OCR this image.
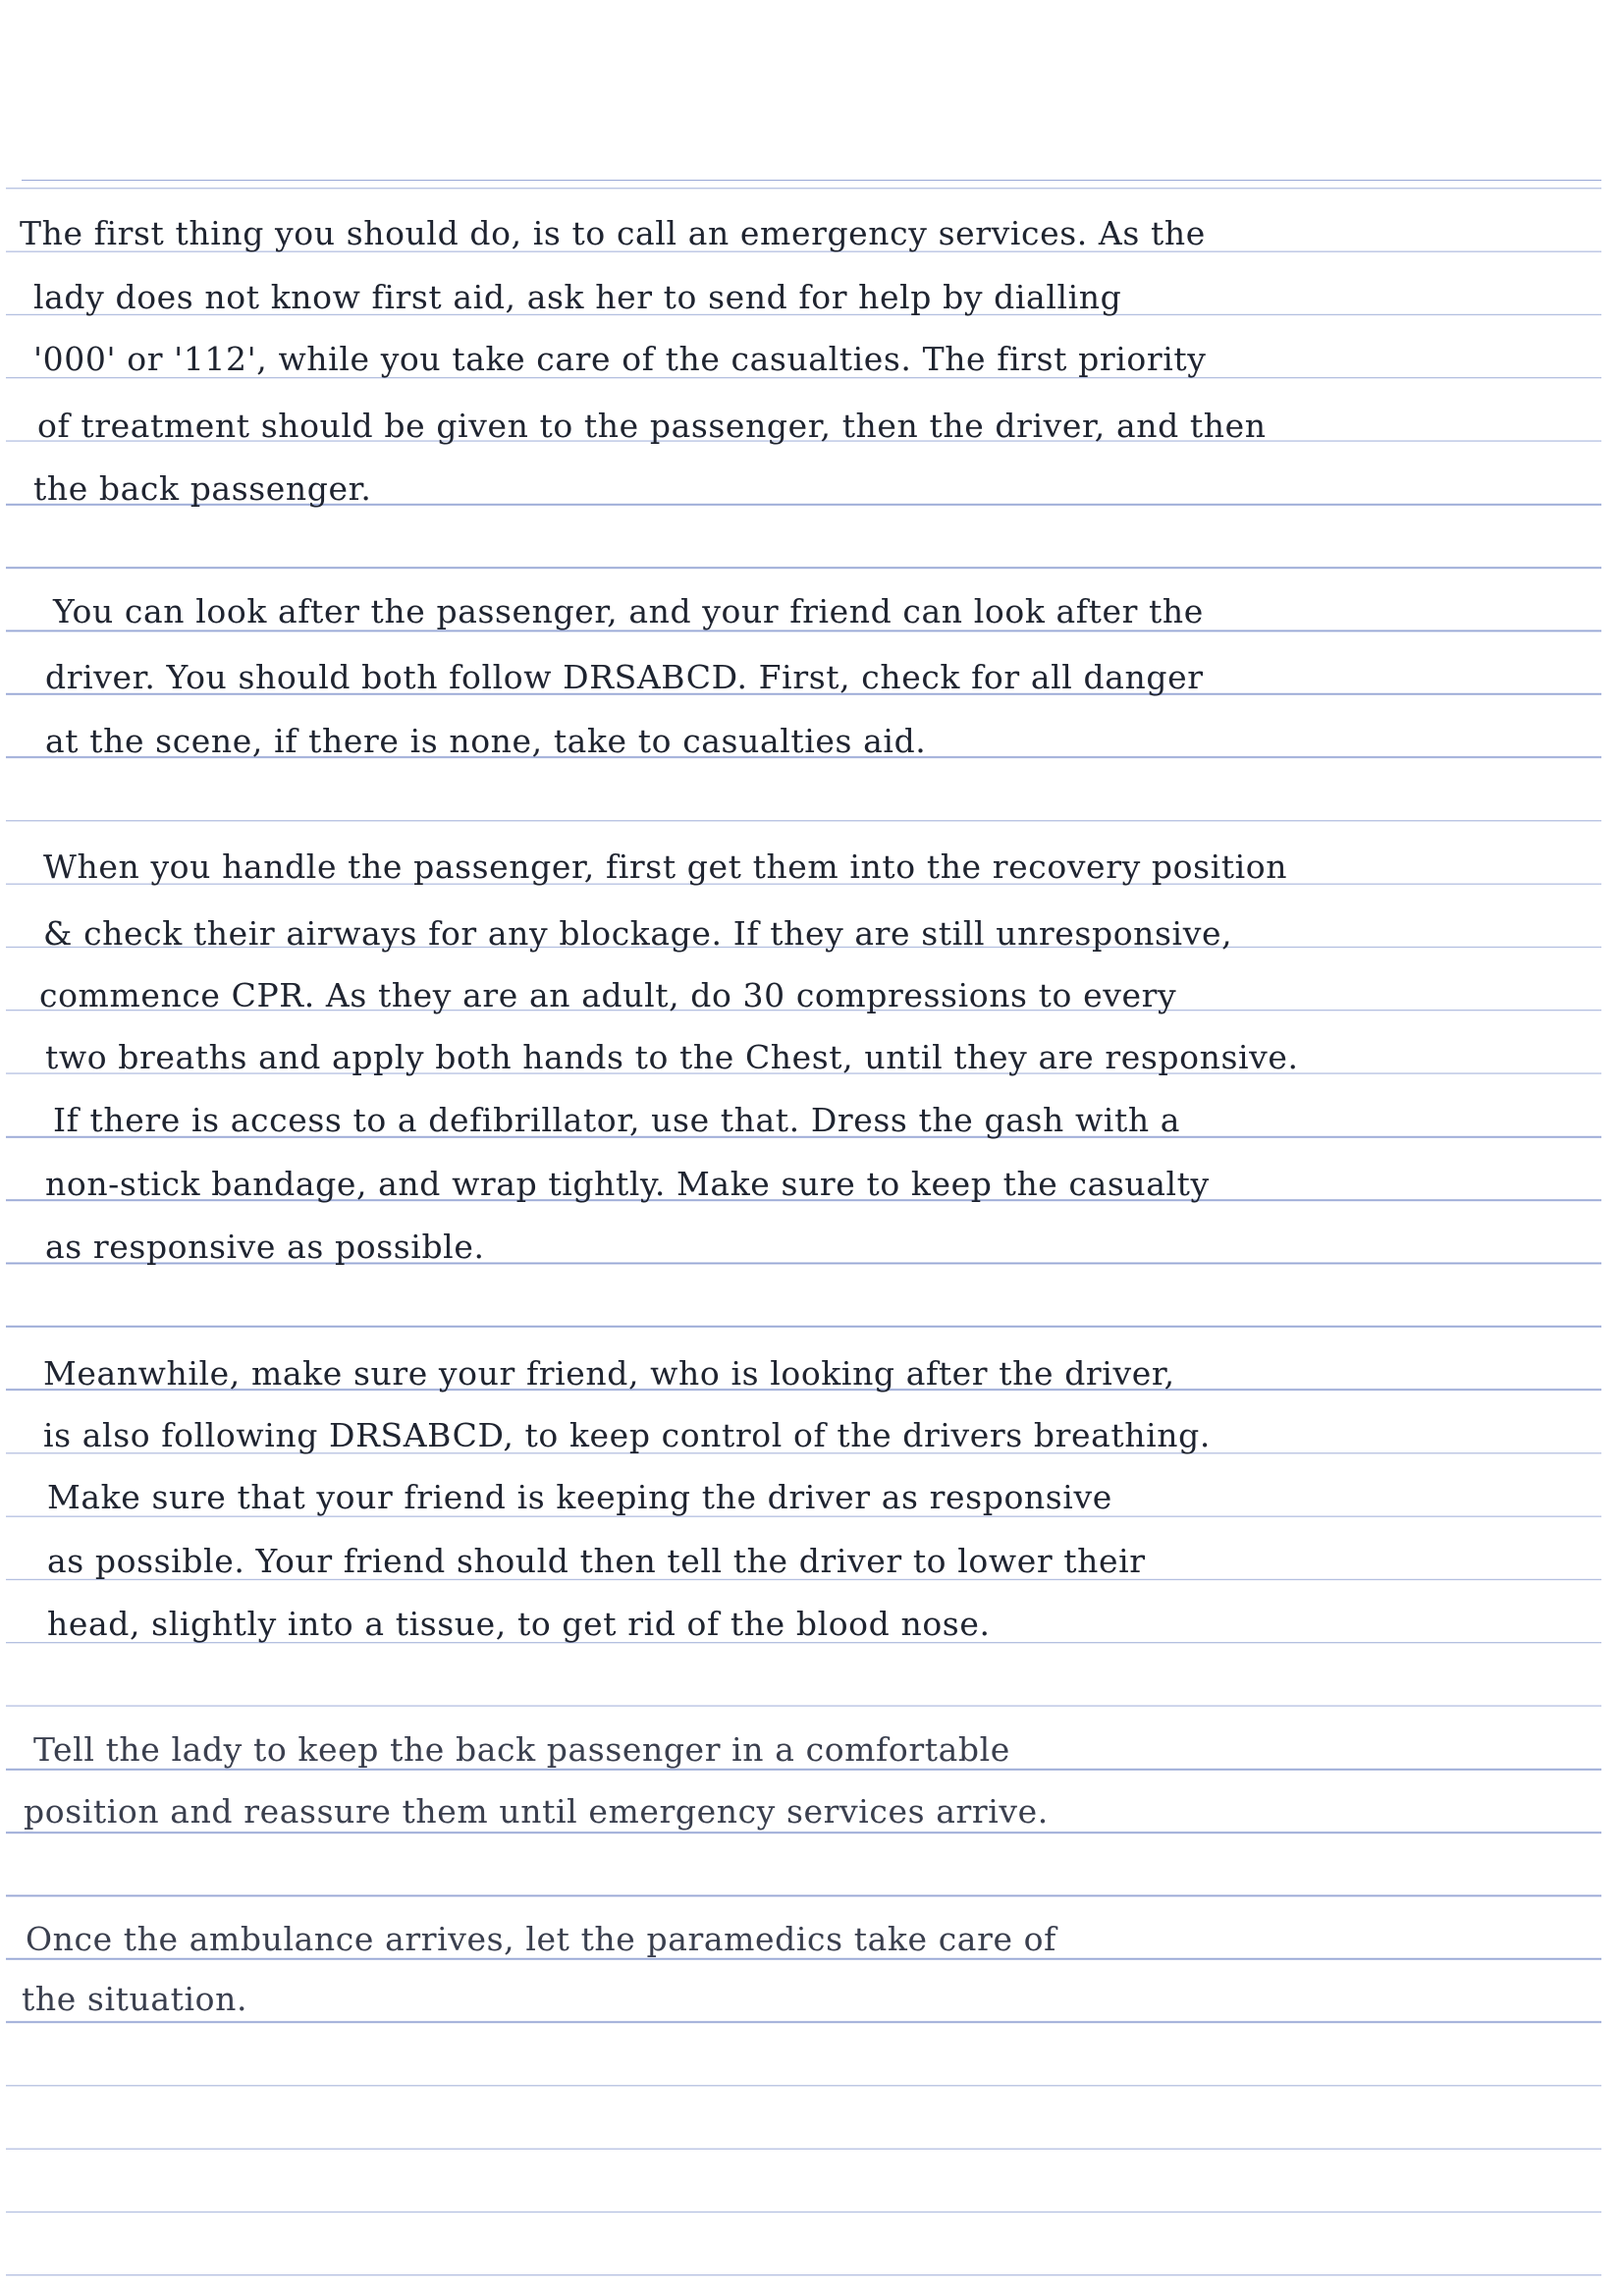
The first thing you should do, is to call an emergency services. As the
lady does not know first aid, ask her to send for help by dialling
'000' or '112', while you take care of the casualties. The first priority
of treatment should be given to the passenger, then the driver, and then
the back passenger.
You can look after the passenger, and your friend can look after the
driver. You should both follow DRSABCD. First, check for all danger
at the scene, if there is none, take to casualties aid.
When you handle the passenger, first get them into the recovery position
& check their airways for any blockage. If they are still unresponsive,
commence CPR. As they are an adult, do 30 compressions to every
two breaths and apply both hands to the Chest, until they are responsive.
If there is access to a defibrillator, use that. Dress the gash with a
non-stick bandage, and wrap tightly. Make sure to keep the casualty
as responsive as possible.
Meanwhile, make sure your friend, who is looking after the driver,
is also following DRSABCD, to keep control of the drivers breathing.
Make sure that your friend is keeping the driver as responsive
as possible. Your friend should then tell the driver to lower their
head, slightly into a tissue, to get rid of the blood nose.
Tell the lady to keep the back passenger in a comfortable
position and reassure them until emergency services arrive.
Once the ambulance arrives, let the paramedics take care of
the situation.
